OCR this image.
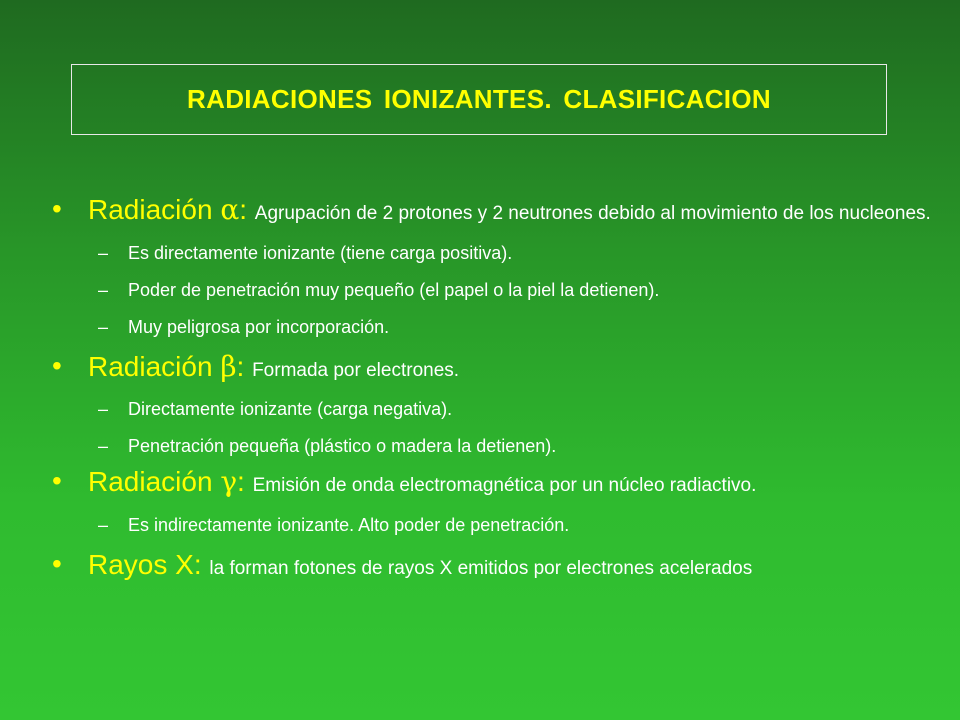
RADIACIONES IONIZANTES. CLASIFICACION
• Radiación α: Agrupación de 2 protones y 2 neutrones debido al movimiento de los nucleones.
– Es directamente ionizante (tiene carga positiva).
– Poder de penetración muy pequeño (el papel o la piel la detienen).
– Muy peligrosa por incorporación.
• Radiación β: Formada por electrones.
– Directamente ionizante (carga negativa).
– Penetración pequeña (plástico o madera la detienen).
• Radiación γ: Emisión de onda electromagnética por un núcleo radiactivo.
– Es indirectamente ionizante. Alto poder de penetración.
• Rayos X: la forman fotones de rayos X emitidos por electrones acelerados
